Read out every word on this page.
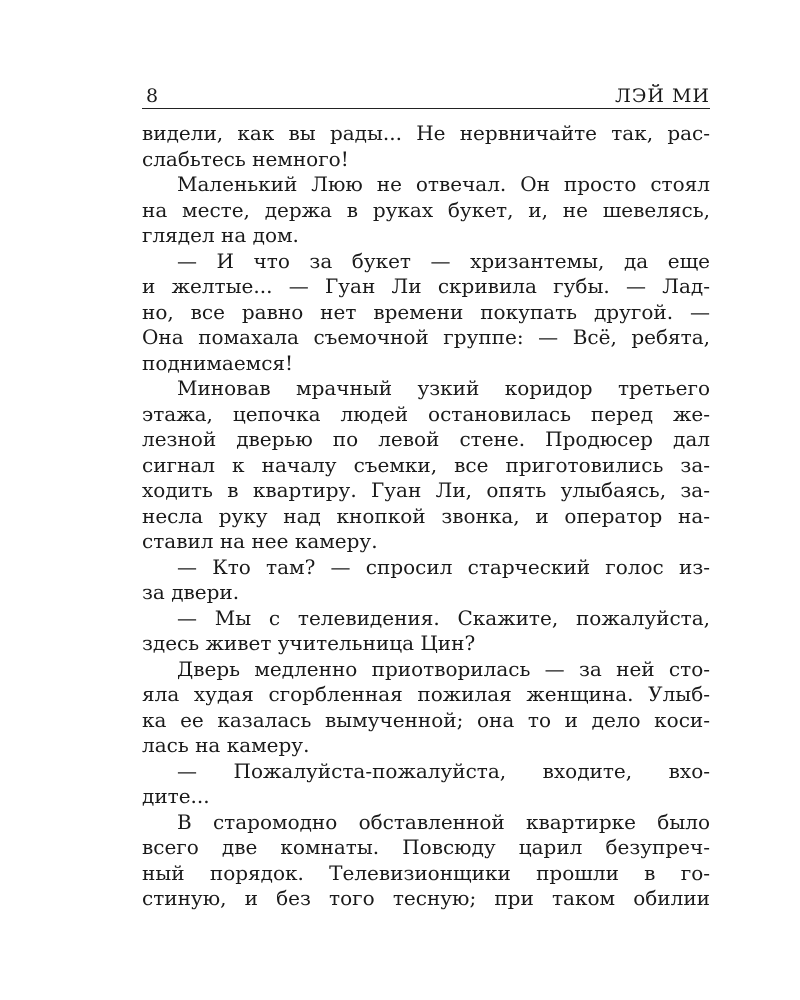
8	ЛЭЙ МИ
видели, как вы рады... Не нервничайте так, рас-
слабьтесь немного!
Маленький Люю не отвечал. Он просто стоял
на месте, держа в руках букет, и, не шевелясь,
глядел на дом.
— И что за букет — хризантемы, да еще
и желтые... — Гуан Ли скривила губы. — Лад-
но, все равно нет времени покупать другой. —
Она помахала съемочной группе: — Всё, ребята,
поднимаемся!
Миновав мрачный узкий коридор третьего
этажа, цепочка людей остановилась перед же-
лезной дверью по левой стене. Продюсер дал
сигнал к началу съемки, все приготовились за-
ходить в квартиру. Гуан Ли, опять улыбаясь, за-
несла руку над кнопкой звонка, и оператор на-
ставил на нее камеру.
— Кто там? — спросил старческий голос из-
за двери.
— Мы с телевидения. Скажите, пожалуйста,
здесь живет учительница Цин?
Дверь медленно приотворилась — за ней сто-
яла худая сгорбленная пожилая женщина. Улыб-
ка ее казалась вымученной; она то и дело коси-
лась на камеру.
— Пожалуйста-пожалуйста, входите, вхо-
дите...
В старомодно обставленной квартирке было
всего две комнаты. Повсюду царил безупреч-
ный порядок. Телевизионщики прошли в го-
стиную, и без того тесную; при таком обилии
